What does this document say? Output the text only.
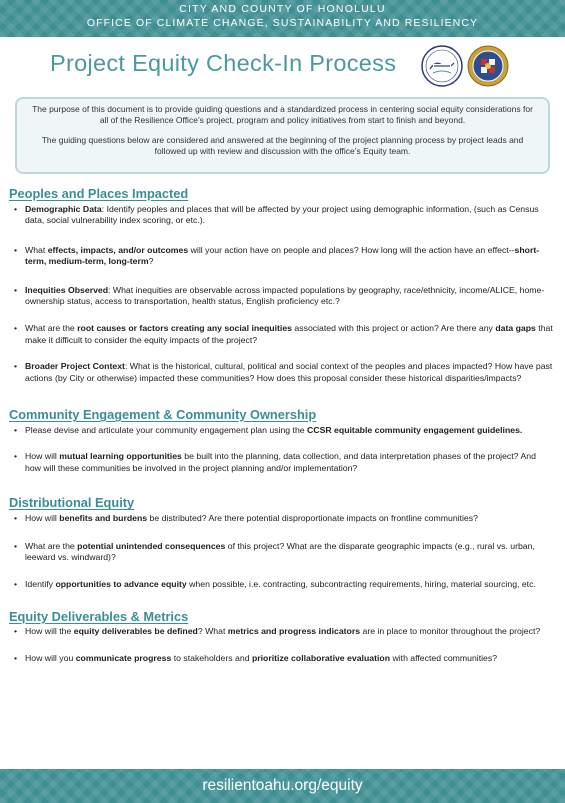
CITY AND COUNTY OF HONOLULU
OFFICE OF CLIMATE CHANGE, SUSTAINABILITY AND RESILIENCY
Project Equity Check-In Process

The purpose of this document is to provide guiding questions and a standardized process in centering social equity considerations for all of the Resilience Office’s project, program and policy initiatives from start to finish and beyond.

The guiding questions below are considered and answered at the beginning of the project planning process by project leads and followed up with review and discussion with the office’s Equity team.

Peoples and Places Impacted
• Demographic Data: Identify peoples and places that will be affected by your project using demographic information, (such as Census data, social vulnerability index scoring, or etc.).
• What effects, impacts, and/or outcomes will your action have on people and places? How long will the action have an effect--short-term, medium-term, long-term?
• Inequities Observed: What inequities are observable across impacted populations by geography, race/ethnicity, income/ALICE, home-ownership status, access to transportation, health status, English proficiency etc.?
• What are the root causes or factors creating any social inequities associated with this project or action? Are there any data gaps that make it difficult to consider the equity impacts of the project?
• Broader Project Context: What is the historical, cultural, political and social context of the peoples and places impacted? How have past actions (by City or otherwise) impacted these communities? How does this proposal consider these historical disparities/impacts?
Community Engagement & Community Ownership
• Please devise and articulate your community engagement plan using the CCSR equitable community engagement guidelines.
• How will mutual learning opportunities be built into the planning, data collection, and data interpretation phases of the project? And how will these communities be involved in the project planning and/or implementation?
Distributional Equity
• How will benefits and burdens be distributed? Are there potential disproportionate impacts on frontline communities?
• What are the potential unintended consequences of this project? What are the disparate geographic impacts (e.g., rural vs. urban, leeward vs. windward)?
• Identify opportunities to advance equity when possible, i.e. contracting, subcontracting requirements, hiring, material sourcing, etc.
Equity Deliverables & Metrics
• How will the equity deliverables be defined? What metrics and progress indicators are in place to monitor throughout the project?
• How will you communicate progress to stakeholders and prioritize collaborative evaluation with affected communities?
resilientoahu.org/equity
